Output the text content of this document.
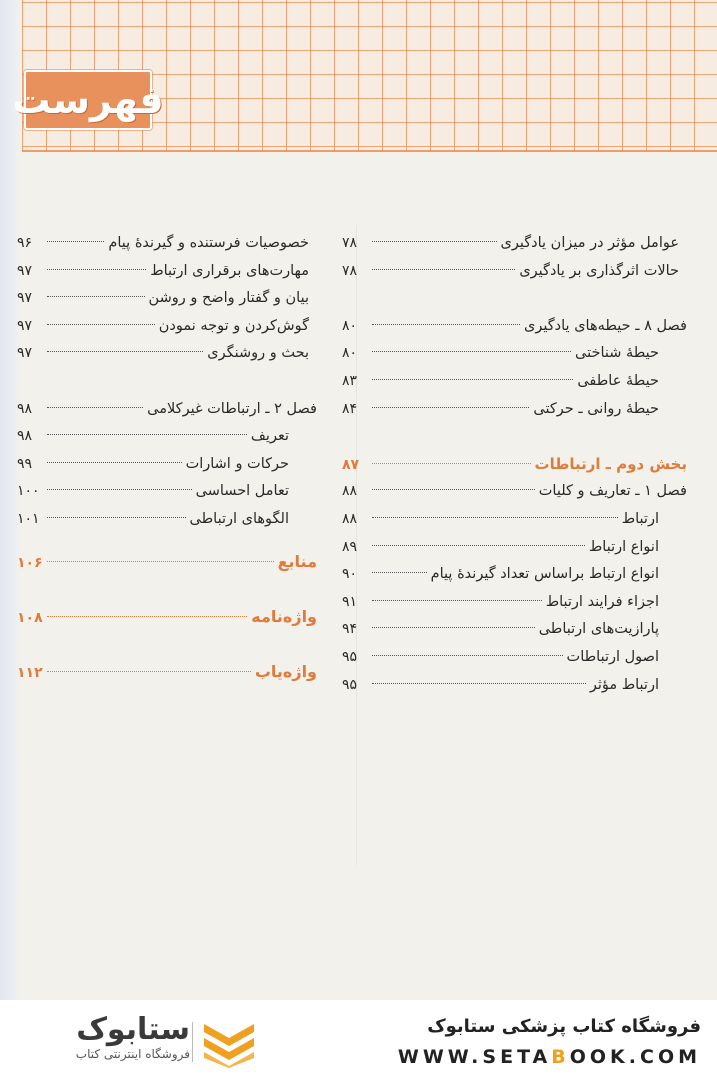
فهرست
عوامل مؤثر در میزان یادگیری
۷۸
حالات اثرگذاری بر یادگیری
۷۸
فصل ۸ ـ حیطه‌های یادگیری
۸۰
حیطهٔ شناختی
۸۰
حیطهٔ عاطفی
۸۳
حیطهٔ روانی ـ حرکتی
۸۴
بخش دوم ـ ارتباطات
۸۷
فصل ۱ ـ تعاریف و کلیات
۸۸
ارتباط
۸۸
انواع ارتباط
۸۹
انواع ارتباط براساس تعداد گیرندهٔ پیام
۹۰
اجزاء فرایند ارتباط
۹۱
پارازیت‌های ارتباطی
۹۴
اصول ارتباطات
۹۵
ارتباط مؤثر
۹۵
خصوصیات فرستنده و گیرندهٔ پیام
۹۶
مهارت‌های برقراری ارتباط
۹۷
بیان و گفتار واضح و روشن
۹۷
گوش‌کردن و توجه نمودن
۹۷
بحث و روشنگری
۹۷
فصل ۲ ـ ارتباطات غیرکلامی
۹۸
تعریف
۹۸
حرکات و اشارات
۹۹
تعامل احساسی
۱۰۰
الگوهای ارتباطی
۱۰۱
منابع
۱۰۶
واژه‌نامه
۱۰۸
واژه‌یاب
۱۱۲
فروشگاه کتاب پزشکی ستابوک
WWW.SETABOOK.COM
ستابوک
فروشگاه اینترنتی کتاب
